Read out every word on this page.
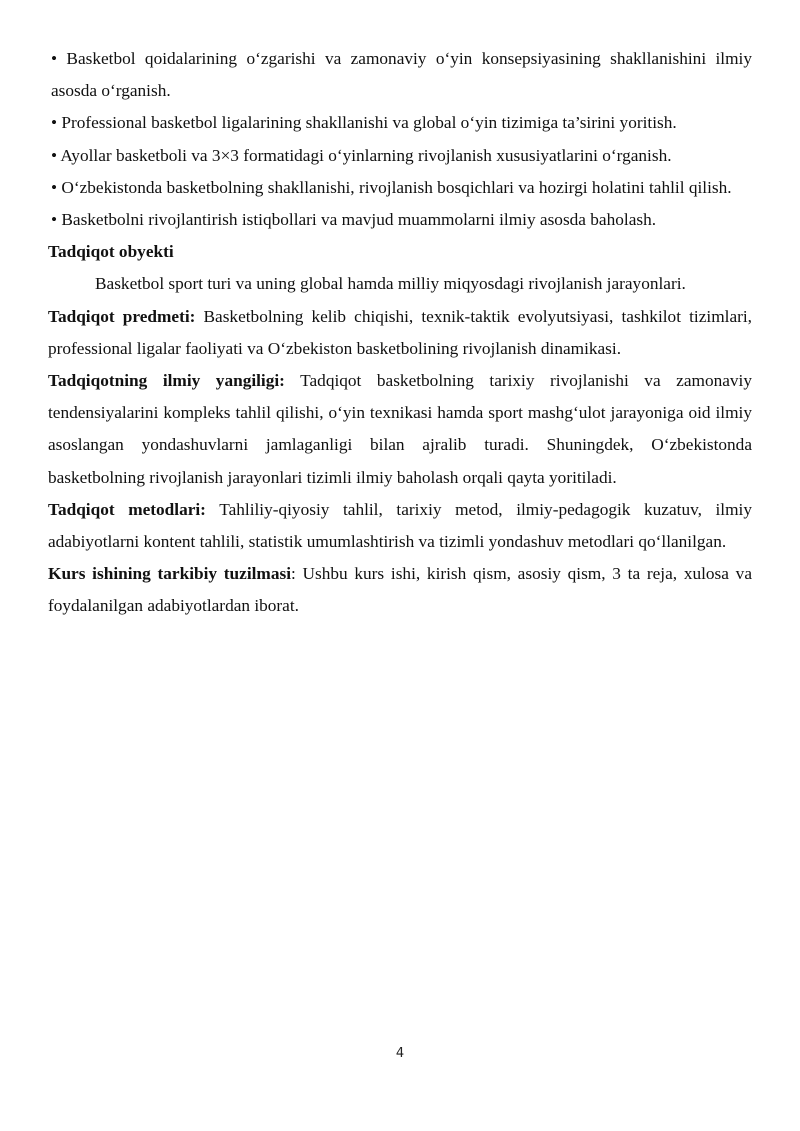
• Basketbol qoidalarining o‘zgarishi va zamonaviy o‘yin konsepsiyasining shakllanishini ilmiy asosda o‘rganish.

• Professional basketbol ligalarining shakllanishi va global o‘yin tizimiga ta’sirini yoritish.

• Ayollar basketboli va 3×3 formatidagi o‘yinlarning rivojlanish xususiyatlarini o‘rganish.

• O‘zbekistonda basketbolning shakllanishi, rivojlanish bosqichlari va hozirgi holatini tahlil qilish.

• Basketbolni rivojlantirish istiqbollari va mavjud muammolarni ilmiy asosda baholash.

Tadqiqot obyekti

Basketbol sport turi va uning global hamda milliy miqyosdagi rivojlanish jarayonlari.

Tadqiqot predmeti: Basketbolning kelib chiqishi, texnik-taktik evolyutsiyasi, tashkilot tizimlari, professional ligalar faoliyati va O‘zbekiston basketbolining rivojlanish dinamikasi.

Tadqiqotning ilmiy yangiligi: Tadqiqot basketbolning tarixiy rivojlanishi va zamonaviy tendensiyalarini kompleks tahlil qilishi, o‘yin texnikasi hamda sport mashg‘ulot jarayoniga oid ilmiy asoslangan yondashuvlarni jamlaganligi bilan ajralib turadi. Shuningdek, O‘zbekistonda basketbolning rivojlanish jarayonlari tizimli ilmiy baholash orqali qayta yoritiladi.

Tadqiqot metodlari: Tahliliy-qiyosiy tahlil, tarixiy metod, ilmiy-pedagogik kuzatuv, ilmiy adabiyotlarni kontent tahlili, statistik umumlashtirish va tizimli yondashuv metodlari qo‘llanilgan.

Kurs ishining tarkibiy tuzilmasi: Ushbu kurs ishi, kirish qism, asosiy qism, 3 ta reja, xulosa va foydalanilgan adabiyotlardan iborat.

4
